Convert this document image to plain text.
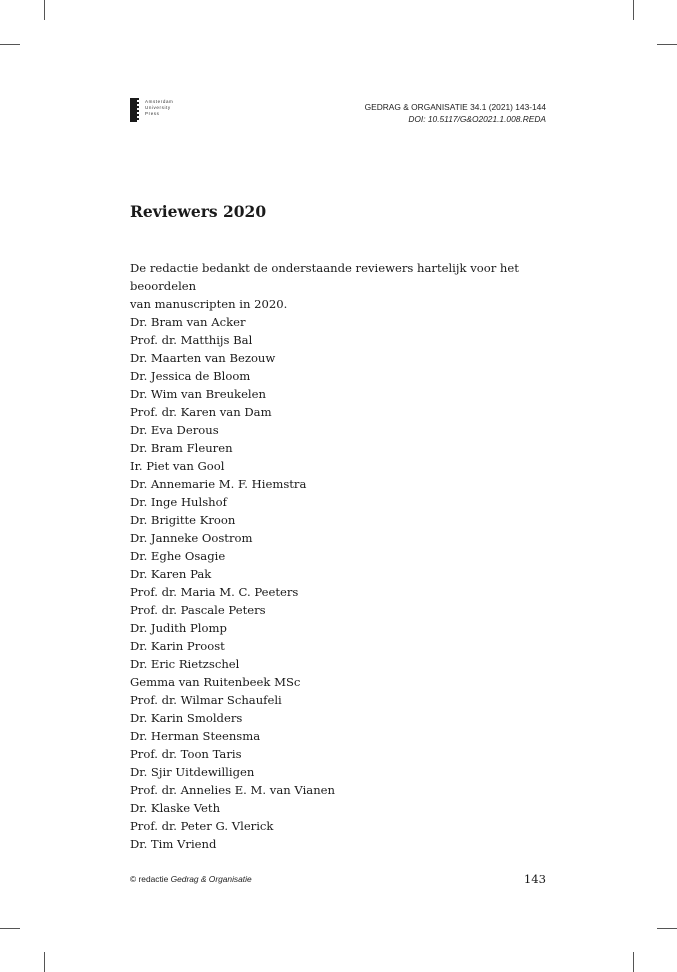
Amsterdam
University
Press
GEDRAG & ORGANISATIE 34.1 (2021) 143-144
DOI: 10.5117/G&O2021.1.008.REDA
Reviewers 2020

De redactie bedankt de onderstaande reviewers hartelijk voor het beoordelen
van manuscripten in 2020.

Dr. Bram van Acker
Prof. dr. Matthijs Bal
Dr. Maarten van Bezouw
Dr. Jessica de Bloom
Dr. Wim van Breukelen
Prof. dr. Karen van Dam
Dr. Eva Derous
Dr. Bram Fleuren
Ir. Piet van Gool
Dr. Annemarie M. F. Hiemstra
Dr. Inge Hulshof
Dr. Brigitte Kroon
Dr. Janneke Oostrom
Dr. Eghe Osagie
Dr. Karen Pak
Prof. dr. Maria M. C. Peeters
Prof. dr. Pascale Peters
Dr. Judith Plomp
Dr. Karin Proost
Dr. Eric Rietzschel
Gemma van Ruitenbeek MSc
Prof. dr. Wilmar Schaufeli
Dr. Karin Smolders
Dr. Herman Steensma
Prof. dr. Toon Taris
Dr. Sjir Uitdewilligen
Prof. dr. Annelies E. M. van Vianen
Dr. Klaske Veth
Prof. dr. Peter G. Vlerick
Dr. Tim Vriend
© redactie Gedrag & Organisatie	143
